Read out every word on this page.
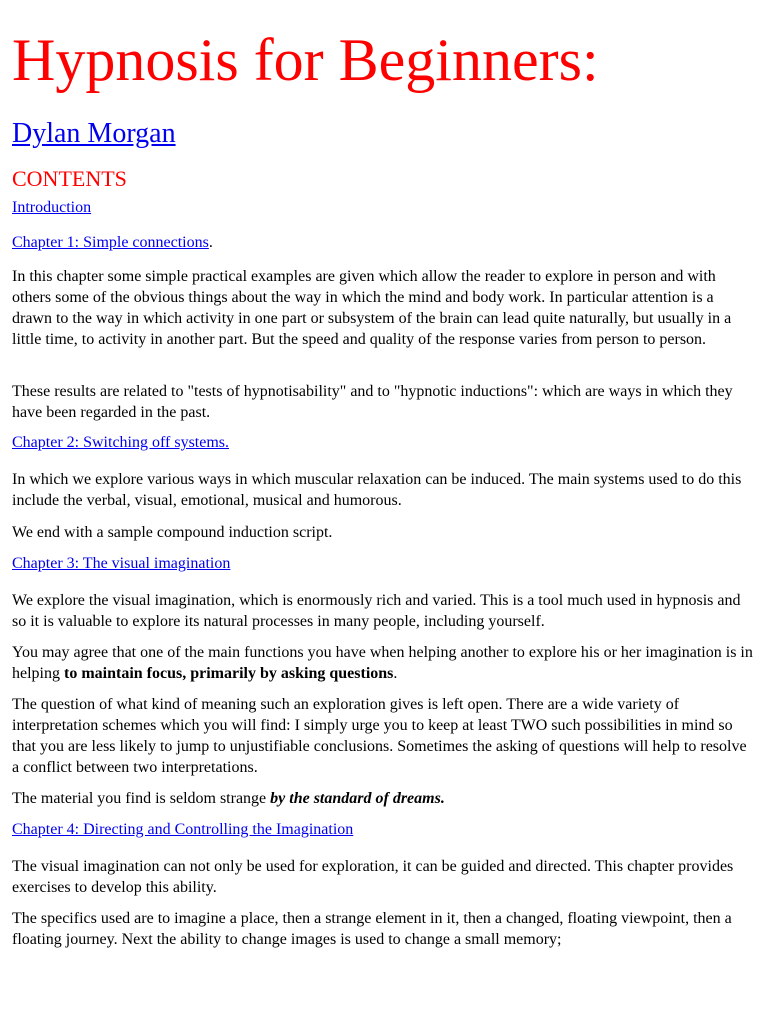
Hypnosis for Beginners:
Dylan Morgan
CONTENTS
Introduction
Chapter 1: Simple connections.

In this chapter some simple practical examples are given which allow the reader to explore in person and with others some of the obvious things about the way in which the mind and body work. In particular attention is a drawn to the way in which activity in one part or subsystem of the brain can lead quite naturally, but usually in a little time, to activity in another part. But the speed and quality of the response varies from person to person.

These results are related to "tests of hypnotisability" and to "hypnotic inductions": which are ways in which they have been regarded in the past.

Chapter 2: Switching off systems.

In which we explore various ways in which muscular relaxation can be induced. The main systems used to do this include the verbal, visual, emotional, musical and humorous.

We end with a sample compound induction script.

Chapter 3: The visual imagination

We explore the visual imagination, which is enormously rich and varied. This is a tool much used in hypnosis and so it is valuable to explore its natural processes in many people, including yourself.

You may agree that one of the main functions you have when helping another to explore his or her imagination is in helping to maintain focus, primarily by asking questions.

The question of what kind of meaning such an exploration gives is left open. There are a wide variety of interpretation schemes which you will find: I simply urge you to keep at least TWO such possibilities in mind so that you are less likely to jump to unjustifiable conclusions. Sometimes the asking of questions will help to resolve a conflict between two interpretations.

The material you find is seldom strange by the standard of dreams.

Chapter 4: Directing and Controlling the Imagination

The visual imagination can not only be used for exploration, it can be guided and directed. This chapter provides exercises to develop this ability.

The specifics used are to imagine a place, then a strange element in it, then a changed, floating viewpoint, then a floating journey. Next the ability to change images is used to change a small memory;
